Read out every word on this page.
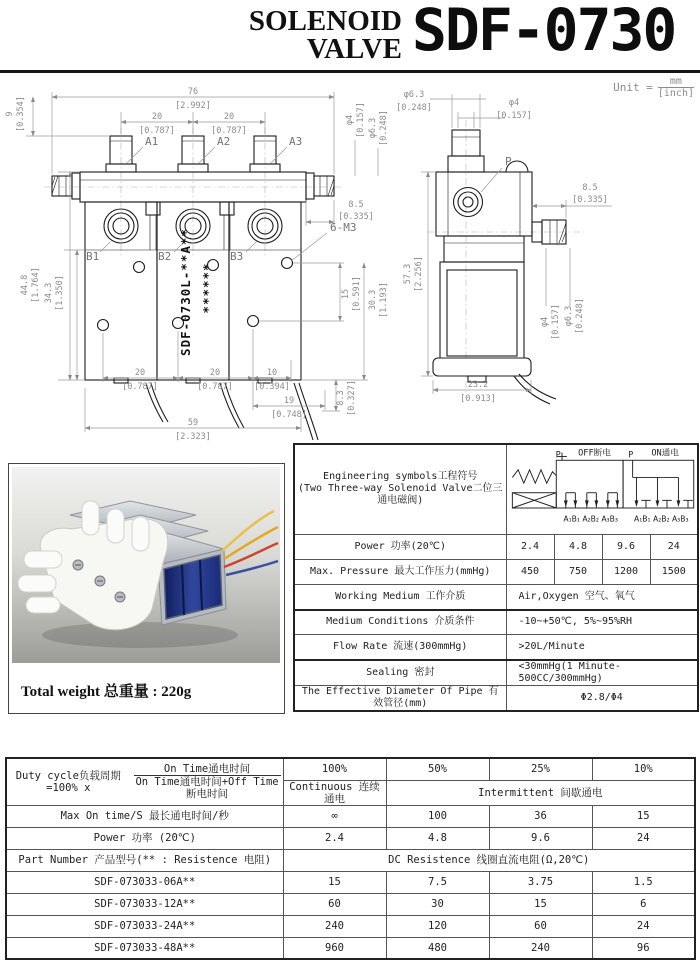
SOLENOID
VALVE SDF-0730
Unit = $\frac{mm}{\text{[inch]}}$
76
[2.992]
20
[0.787]
20
[0.787]
9 [0.354]
44.8 [1.764] 34.3 [1.350]
φ4 [0.157] φ6.3 [0.248]
8.5
[0.335]
15 [0.591] 30.3 [1.193]
8.3 [0.327]
20
[0.787]
20
[0.787]
10
[0.394]
19
[0.748]
59
[2.323]
6-M3
A1	A2	A3
B1	B2	B3
SDF-0730L-**A** ******
φ6.3
[0.248]	φ4
[0.157]
P
8.5
[0.335]
φ4 [0.157] φ6.3 [0.248]
57.3 [2.256]
23.2
[0.913]
Total weight 总重量 : 220g
Engineering symbols工程符号
(Two Three-way Solenoid Valve二位三通电磁阀)

P OFF断电
A₁B₁ A₂B₂ A₃B₃
P ON通电
A₁B₁ A₂B₂ A₃B₃

Power 功率(20℃)	2.4	4.8	9.6	24
Max. Pressure 最大工作压力(mmHg)	450	750	1200	1500
Working Medium 工作介质	Air,Oxygen 空气、氧气			
Medium Conditions 介质条件	-10~+50℃, 5%~95%RH			
Flow Rate 流速(300mmHg)	>20L/Minute			
Sealing 密封	<30mmHg(1 Minute-500CC/300mmHg)			
The Effective Diameter Of Pipe 有效管径(mm)	Φ2.8/Φ4			
Duty cycle负载周期=100% x
On Time通电时间
On Time通电时间+Off Time断电时间	100%	50%	25%	10%
	Continuous 连续通电	Intermittent 间歇通电		
Max On time/S 最长通电时间/秒	∞	100	36	15
Power 功率 (20℃)	2.4	4.8	9.6	24
Part Number 产品型号(** : Resistence 电阻)	DC Resistence 线圈直流电阻(Ω,20℃)			
SDF-073033-06A**	15	7.5	3.75	1.5
SDF-073033-12A**	60	30	15	6
SDF-073033-24A**	240	120	60	24
SDF-073033-48A**	960	480	240	96
